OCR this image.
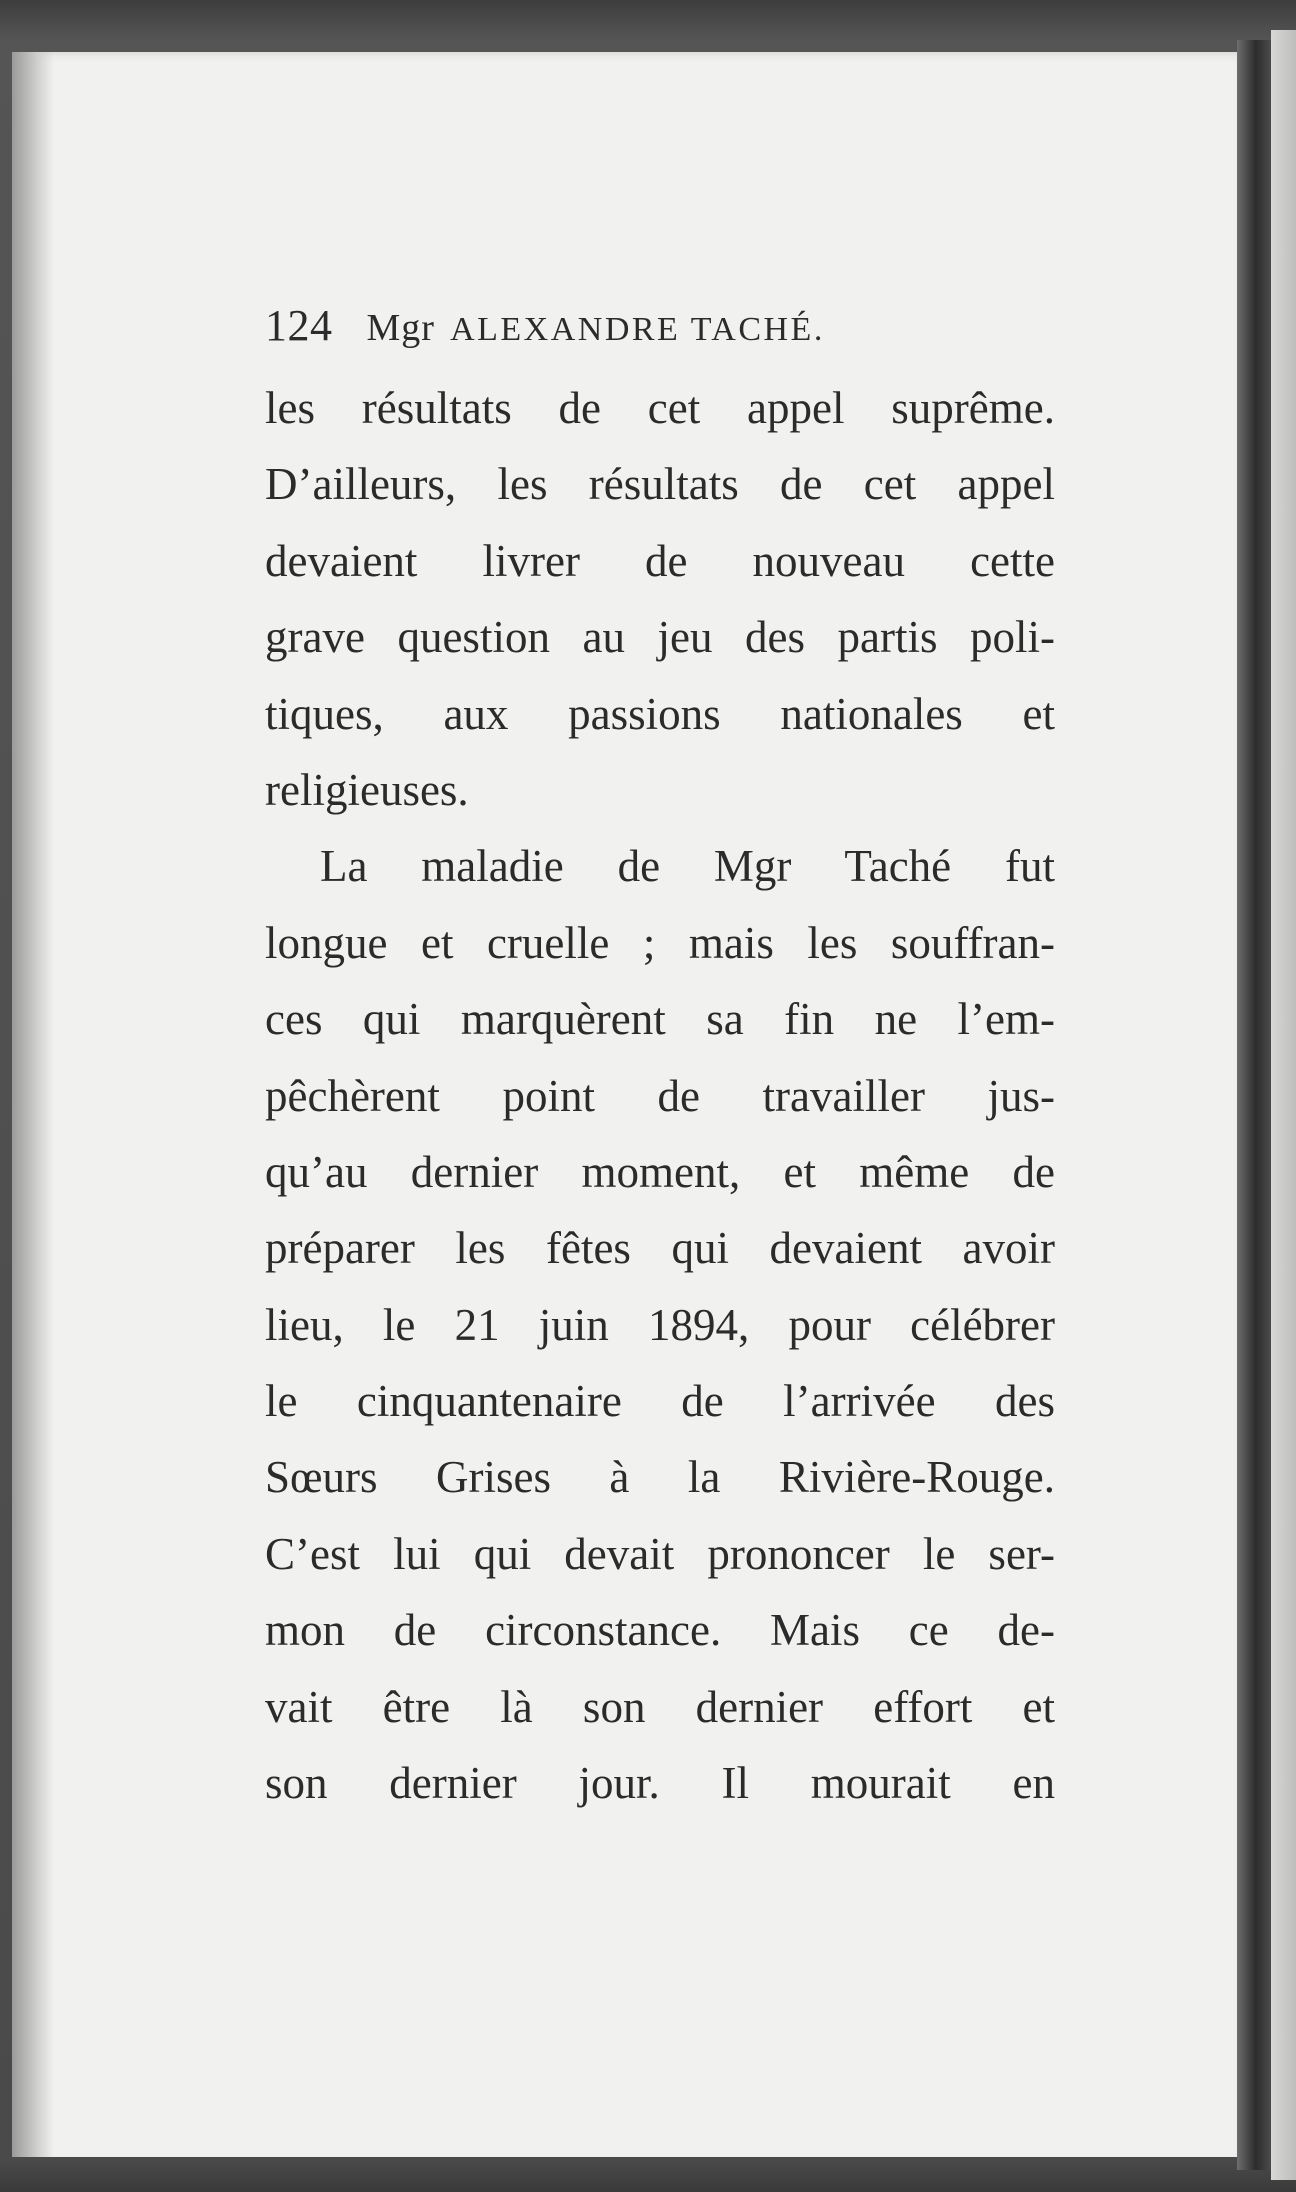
124 Mgr ALEXANDRE TACHÉ.
les résultats de cet appel suprême.
D’ailleurs, les résultats de cet appel
devaient livrer de nouveau cette
grave question au jeu des partis poli-
tiques, aux passions nationales et
religieuses.
La maladie de Mgr Taché fut
longue et cruelle ; mais les souffran-
ces qui marquèrent sa fin ne l’em-
pêchèrent point de travailler jus-
qu’au dernier moment, et même de
préparer les fêtes qui devaient avoir
lieu, le 21 juin 1894, pour célébrer
le cinquantenaire de l’arrivée des
Sœurs Grises à la Rivière-Rouge.
C’est lui qui devait prononcer le ser-
mon de circonstance. Mais ce de-
vait être là son dernier effort et
son dernier jour. Il mourait en
